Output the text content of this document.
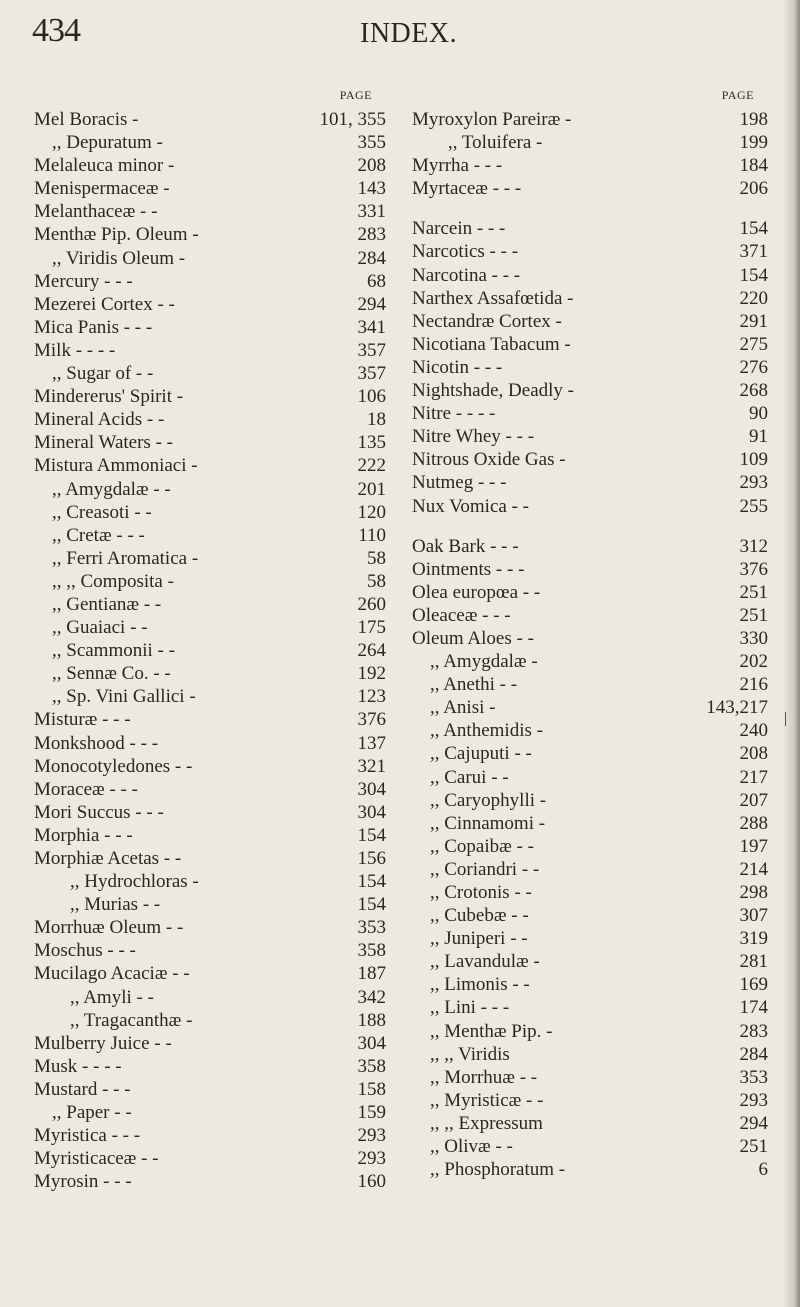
434	INDEX.
PAGE
Mel Boracis -	101, 355
,, Depuratum -	355
Melaleuca minor -	208
Menispermaceæ -	143
Melanthaceæ - -	331
Menthæ Pip. Oleum -	283
,, Viridis Oleum -	284
Mercury - - -	68
Mezerei Cortex - -	294
Mica Panis - - -	341
Milk - - - -	357
,, Sugar of - -	357
Mindererus' Spirit -	106
Mineral Acids - -	18
Mineral Waters - -	135
Mistura Ammoniaci -	222
,, Amygdalæ - -	201
,, Creasoti - -	120
,, Cretæ - - -	110
,, Ferri Aromatica -	58
,, ,, Composita -	58
,, Gentianæ - -	260
,, Guaiaci - -	175
,, Scammonii - -	264
,, Sennæ Co. - -	192
,, Sp. Vini Gallici -	123
Misturæ - - -	376
Monkshood - - -	137
Monocotyledones - -	321
Moraceæ - - -	304
Mori Succus - - -	304
Morphia - - -	154
Morphiæ Acetas - -	156
,, Hydrochloras -	154
,, Murias - -	154
Morrhuæ Oleum - -	353
Moschus - - -	358
Mucilago Acaciæ - -	187
,, Amyli - -	342
,, Tragacanthæ -	188
Mulberry Juice - -	304
Musk - - - -	358
Mustard - - -	158
,, Paper - -	159
Myristica - - -	293
Myristicaceæ - -	293
Myrosin - - -	160
PAGE
Myroxylon Pareiræ -	198
,, Toluifera -	199
Myrrha - - -	184
Myrtaceæ - - -	206
Narcein - - -	154
Narcotics - - -	371
Narcotina - - -	154
Narthex Assafœtida -	220
Nectandræ Cortex -	291
Nicotiana Tabacum -	275
Nicotin - - -	276
Nightshade, Deadly -	268
Nitre - - - -	90
Nitre Whey - - -	91
Nitrous Oxide Gas -	109
Nutmeg - - -	293
Nux Vomica - -	255
Oak Bark - - -	312
Ointments - - -	376
Olea europœa - -	251
Oleaceæ - - -	251
Oleum Aloes - -	330
,, Amygdalæ -	202
,, Anethi - -	216
,, Anisi -	143,217
,, Anthemidis -	240
,, Cajuputi - -	208
,, Carui - -	217
,, Caryophylli -	207
,, Cinnamomi -	288
,, Copaibæ - -	197
,, Coriandri - -	214
,, Crotonis - -	298
,, Cubebæ - -	307
,, Juniperi - -	319
,, Lavandulæ -	281
,, Limonis - -	169
,, Lini - - -	174
,, Menthæ Pip. -	283
,, ,, Viridis	284
,, Morrhuæ - -	353
,, Myristicæ - -	293
,, ,, Expressum	294
,, Olivæ - -	251
,, Phosphoratum -	6
